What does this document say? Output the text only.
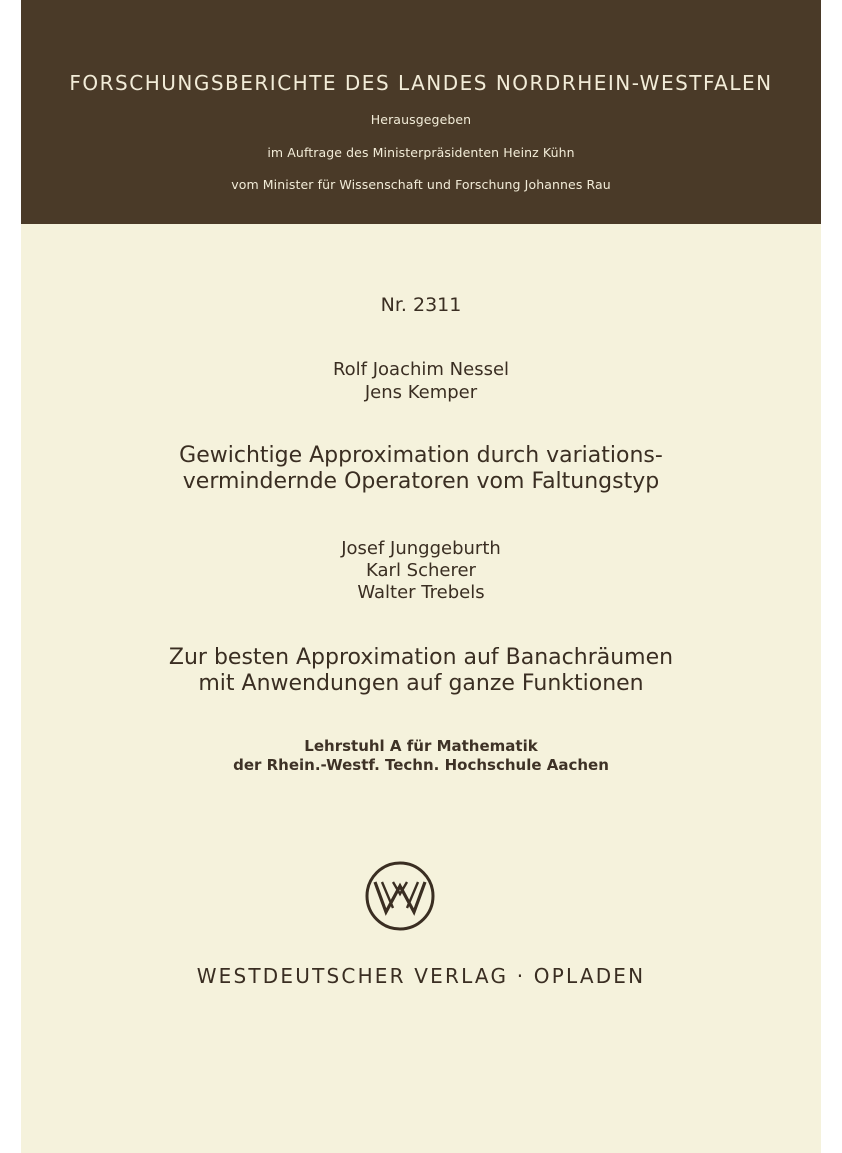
FORSCHUNGSBERICHTE DES LANDES NORDRHEIN-WESTFALEN
Herausgegeben
im Auftrage des Ministerpräsidenten Heinz Kühn
vom Minister für Wissenschaft und Forschung Johannes Rau
Nr. 2311
Rolf Joachim Nessel
Jens Kemper
Gewichtige Approximation durch variations-
vermindernde Operatoren vom Faltungstyp
Josef Junggeburth
Karl Scherer
Walter Trebels
Zur besten Approximation auf Banachräumen
mit Anwendungen auf ganze Funktionen
Lehrstuhl A für Mathematik
der Rhein.-Westf. Techn. Hochschule Aachen
WESTDEUTSCHER VERLAG · OPLADEN
